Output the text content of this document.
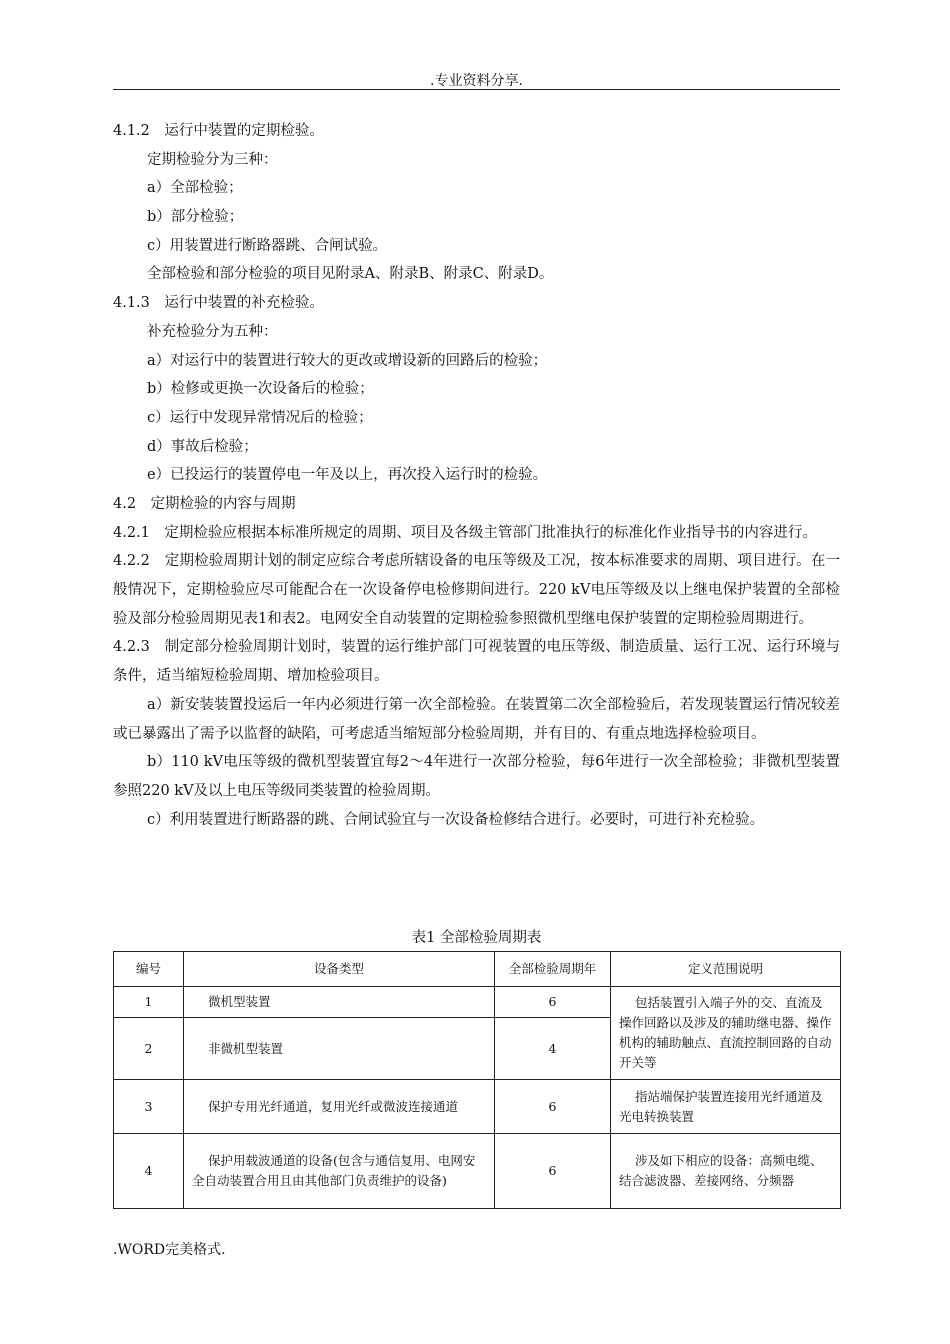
.专业资料分享.
4.1.2　运行中装置的定期检验。
定期检验分为三种：
a）全部检验；
b）部分检验；
c）用装置进行断路器跳、合闸试验。
全部检验和部分检验的项目见附录A、附录B、附录C、附录D。
4.1.3　运行中装置的补充检验。
补充检验分为五种：
a）对运行中的装置进行较大的更改或增设新的回路后的检验；
b）检修或更换一次设备后的检验；
c）运行中发现异常情况后的检验；
d）事故后检验；
e）已投运行的装置停电一年及以上，再次投入运行时的检验。
4.2　定期检验的内容与周期

4.2.1　定期检验应根据本标准所规定的周期、项目及各级主管部门批准执行的标准化作业指导书的内容进行。

4.2.2　定期检验周期计划的制定应综合考虑所辖设备的电压等级及工况，按本标准要求的周期、项目进行。在一般情况下，定期检验应尽可能配合在一次设备停电检修期间进行。220 kV电压等级及以上继电保护装置的全部检验及部分检验周期见表1和表2。电网安全自动装置的定期检验参照微机型继电保护装置的定期检验周期进行。

4.2.3　制定部分检验周期计划时，装置的运行维护部门可视装置的电压等级、制造质量、运行工况、运行环境与条件，适当缩短检验周期、增加检验项目。

a）新安装装置投运后一年内必须进行第一次全部检验。在装置第二次全部检验后，若发现装置运行情况较差或已暴露出了需予以监督的缺陷，可考虑适当缩短部分检验周期，并有目的、有重点地选择检验项目。

b）110 kV电压等级的微机型装置宜每2～4年进行一次部分检验，每6年进行一次全部检验；非微机型装置参照220 kV及以上电压等级同类装置的检验周期。

c）利用装置进行断路器的跳、合闸试验宜与一次设备检修结合进行。必要时，可进行补充检验。

表1 全部检验周期表
编号	设备类型	全部检验周期年	定义范围说明
1	微机型装置	6	包括装置引入端子外的交、直流及操作回路以及涉及的辅助继电器、操作机构的辅助触点、直流控制回路的自动开关等
2	非微机型装置	4	
3	保护专用光纤通道，复用光纤或微波连接通道	6	指站端保护装置连接用光纤通道及光电转换装置
4	保护用载波通道的设备(包含与通信复用、电网安全自动装置合用且由其他部门负责维护的设备)	6	涉及如下相应的设备：高频电缆、结合滤波器、差接网络、分频器
.WORD完美格式.
